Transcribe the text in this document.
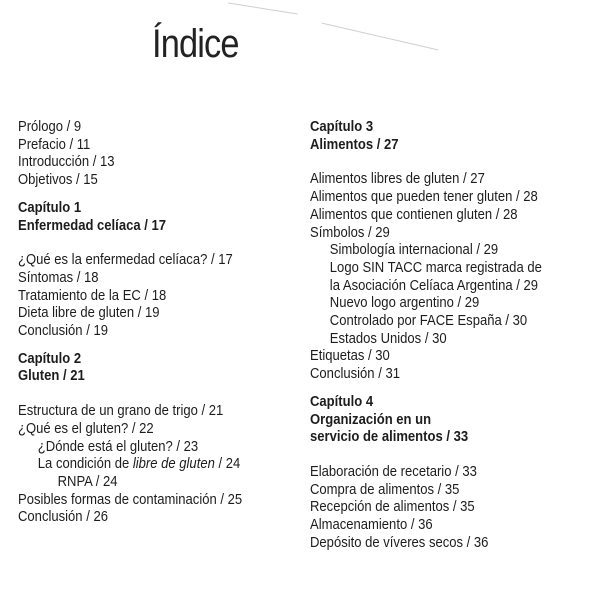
Índice
Prólogo / 9
Prefacio / 11
Introducción / 13
Objetivos / 15
Capítulo 1
Enfermedad celíaca / 17
¿Qué es la enfermedad celíaca? / 17
Síntomas / 18
Tratamiento de la EC / 18
Dieta libre de gluten / 19
Conclusión / 19
Capítulo 2
Gluten / 21
Estructura de un grano de trigo / 21
¿Qué es el gluten? / 22
¿Dónde está el gluten? / 23
La condición de libre de gluten / 24
RNPA / 24
Posibles formas de contaminación / 25
Conclusión / 26
Capítulo 3
Alimentos / 27
Alimentos libres de gluten / 27
Alimentos que pueden tener gluten / 28
Alimentos que contienen gluten / 28
Símbolos / 29
Simbología internacional / 29
Logo SIN TACC marca registrada de
la Asociación Celíaca Argentina / 29
Nuevo logo argentino / 29
Controlado por FACE España / 30
Estados Unidos / 30
Etiquetas / 30
Conclusión / 31
Capítulo 4
Organización en un
servicio de alimentos / 33
Elaboración de recetario / 33
Compra de alimentos / 35
Recepción de alimentos / 35
Almacenamiento / 36
Depósito de víveres secos / 36
